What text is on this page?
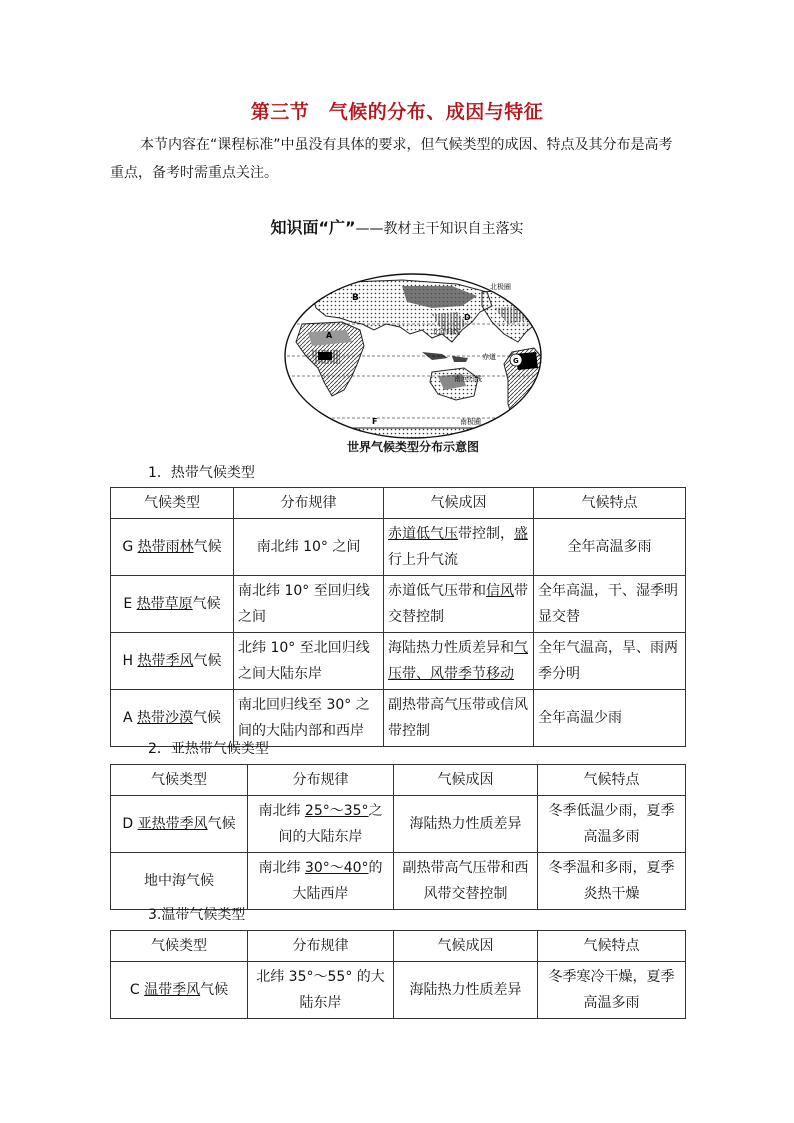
第三节　气候的分布、成因与特征
本节内容在“课程标准”中虽没有具体的要求，但气候类型的成因、特点及其分布是高考重点，备考时需重点关注。
知识面“广”——教材主干知识自主落实
北极圈
北回归线
赤道
南回归线
南极圈
G
B
F
A
D
世界气候类型分布示意图
1．热带气候类型
气候类型	分布规律	气候成因	气候特点
G 热带雨林气候	南北纬 10° 之间	赤道低气压带控制，盛行上升气流	全年高温多雨
E 热带草原气候	南北纬 10° 至回归线之间	赤道低气压带和信风带交替控制	全年高温，干、湿季明显交替
H 热带季风气候	北纬 10° 至北回归线之间大陆东岸	海陆热力性质差异和气压带、风带季节移动	全年气温高，旱、雨两季分明
A 热带沙漠气候	南北回归线至 30° 之间的大陆内部和西岸	副热带高气压带或信风带控制	全年高温少雨
2．亚热带气候类型
气候类型	分布规律	气候成因	气候特点
D 亚热带季风气候	南北纬 25°～35°之间的大陆东岸	海陆热力性质差异	冬季低温少雨，夏季高温多雨
地中海气候	南北纬 30°～40°的大陆西岸	副热带高气压带和西风带交替控制	冬季温和多雨，夏季炎热干燥
3.温带气候类型
气候类型	分布规律	气候成因	气候特点
C 温带季风气候	北纬 35°～55° 的大陆东岸	海陆热力性质差异	冬季寒冷干燥，夏季高温多雨
